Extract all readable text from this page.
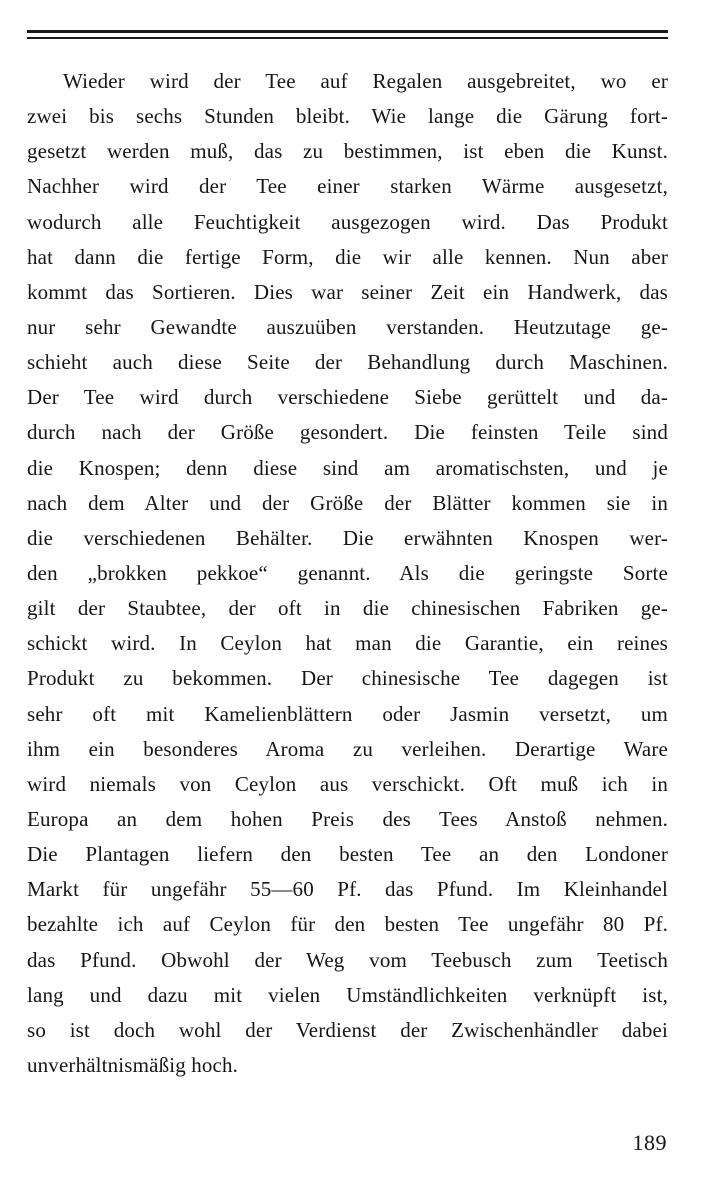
Wieder wird der Tee auf Regalen ausgebreitet, wo er
zwei bis sechs Stunden bleibt. Wie lange die Gärung fort-
gesetzt werden muß, das zu bestimmen, ist eben die Kunst.
Nachher wird der Tee einer starken Wärme ausgesetzt,
wodurch alle Feuchtigkeit ausgezogen wird. Das Produkt
hat dann die fertige Form, die wir alle kennen. Nun aber
kommt das Sortieren. Dies war seiner Zeit ein Handwerk, das
nur sehr Gewandte auszuüben verstanden. Heutzutage ge-
schieht auch diese Seite der Behandlung durch Maschinen.
Der Tee wird durch verschiedene Siebe gerüttelt und da-
durch nach der Größe gesondert. Die feinsten Teile sind
die Knospen; denn diese sind am aromatischsten, und je
nach dem Alter und der Größe der Blätter kommen sie in
die verschiedenen Behälter. Die erwähnten Knospen wer-
den „brokken pekkoe“ genannt. Als die geringste Sorte
gilt der Staubtee, der oft in die chinesischen Fabriken ge-
schickt wird. In Ceylon hat man die Garantie, ein reines
Produkt zu bekommen. Der chinesische Tee dagegen ist
sehr oft mit Kamelienblättern oder Jasmin versetzt, um
ihm ein besonderes Aroma zu verleihen. Derartige Ware
wird niemals von Ceylon aus verschickt. Oft muß ich in
Europa an dem hohen Preis des Tees Anstoß nehmen.
Die Plantagen liefern den besten Tee an den Londoner
Markt für ungefähr 55—60 Pf. das Pfund. Im Kleinhandel
bezahlte ich auf Ceylon für den besten Tee ungefähr 80 Pf.
das Pfund. Obwohl der Weg vom Teebusch zum Teetisch
lang und dazu mit vielen Umständlichkeiten verknüpft ist,
so ist doch wohl der Verdienst der Zwischenhändler dabei
unverhältnismäßig hoch.
189
